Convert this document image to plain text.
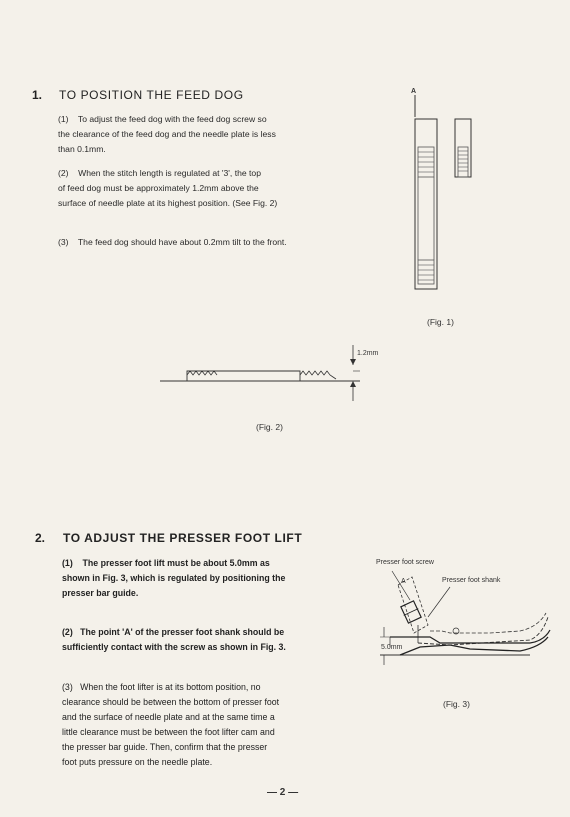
1. TO POSITION THE FEED DOG
(1) To adjust the feed dog with the feed dog screw so
the clearance of the feed dog and the needle plate is less
than 0.1mm.
(2) When the stitch length is regulated at '3', the top
of feed dog must be approximately 1.2mm above the
surface of needle plate at its highest position. (See Fig. 2)
(3) The feed dog should have about 0.2mm tilt to the front.
A
(Fig. 1)
1.2mm
(Fig. 2)
2. TO ADJUST THE PRESSER FOOT LIFT
(1) The presser foot lift must be about 5.0mm as
shown in Fig. 3, which is regulated by positioning the
presser bar guide.
(2) The point 'A' of the presser foot shank should be
sufficiently contact with the screw as shown in Fig. 3.
(3) When the foot lifter is at its bottom position, no
clearance should be between the bottom of presser foot
and the surface of needle plate and at the same time a
little clearance must be between the foot lifter cam and
the presser bar guide. Then, confirm that the presser
foot puts pressure on the needle plate.
Presser foot screw
Presser foot shank
A
5.0mm
(Fig. 3)
— 2 —
